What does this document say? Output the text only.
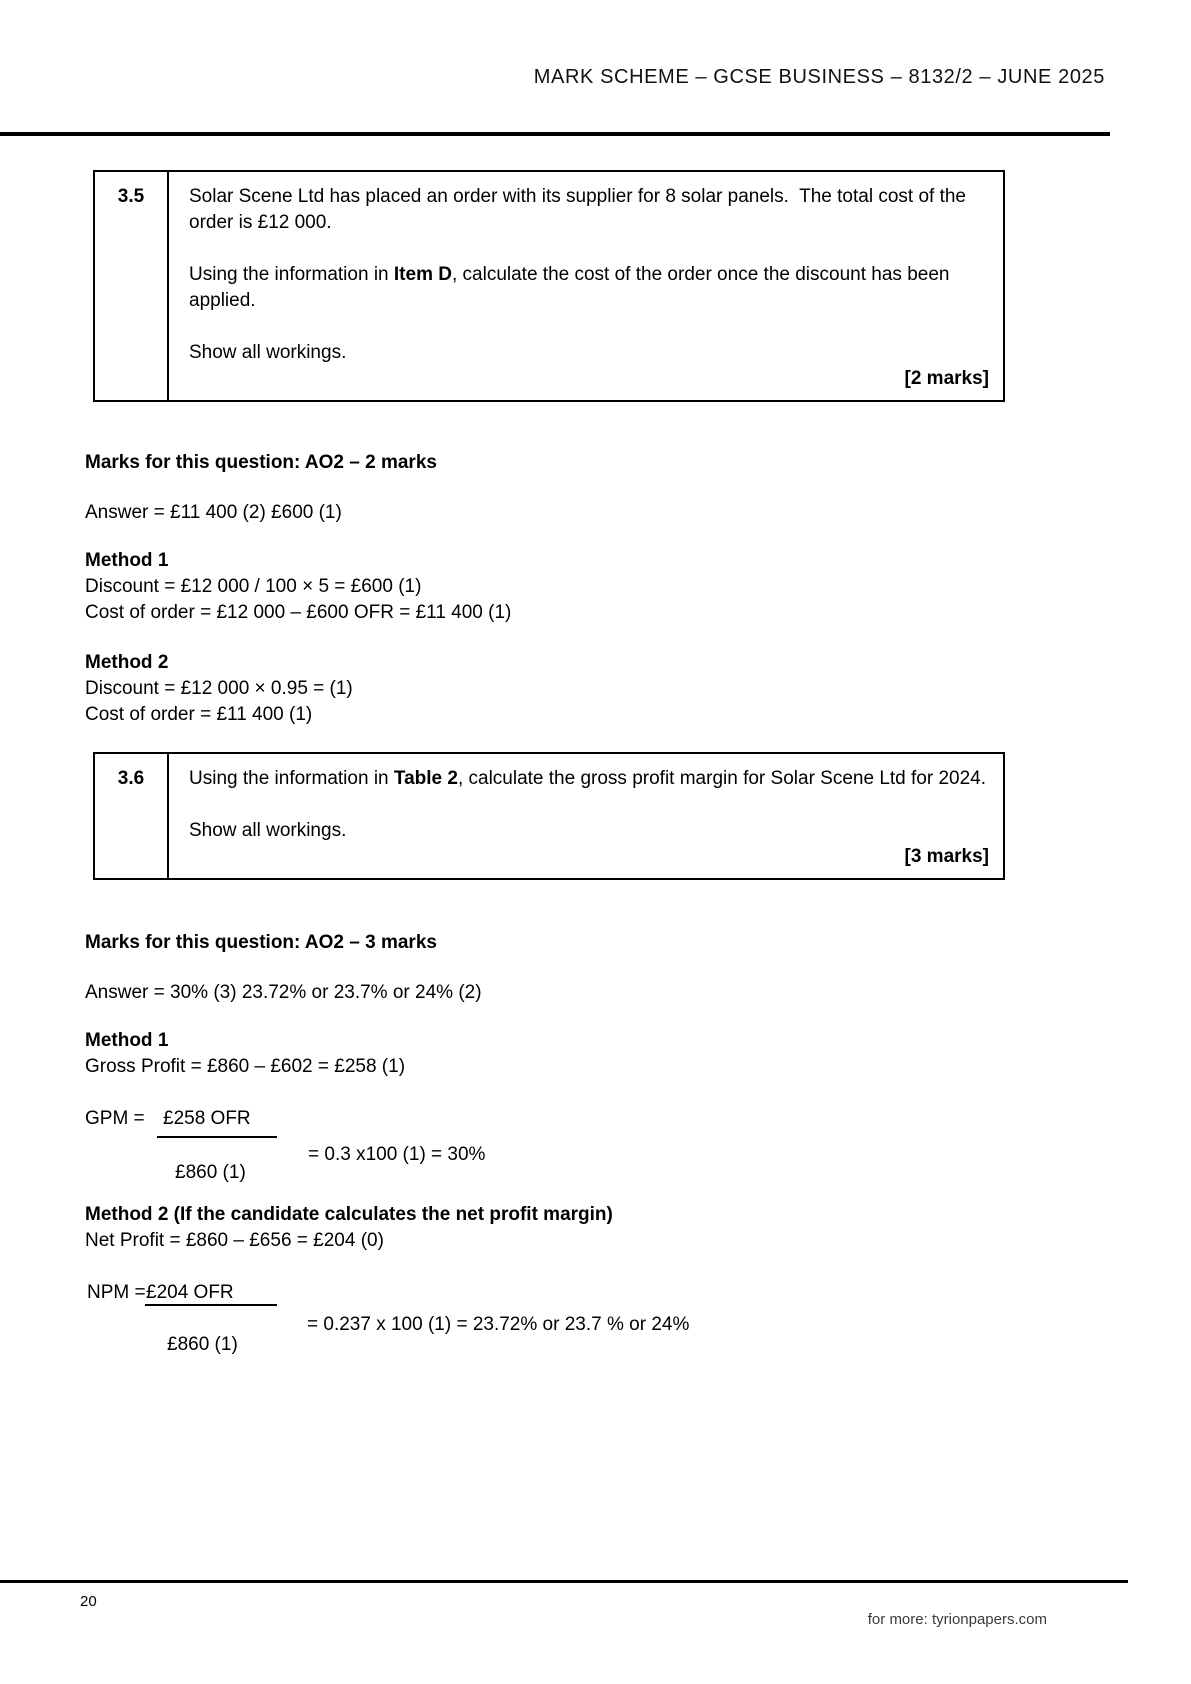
MARK SCHEME – GCSE BUSINESS – 8132/2 – JUNE 2025
3.5	Solar Scene Ltd has placed an order with its supplier for 8 solar panels.  The total cost of the order is £12 000.

Using the information in Item D, calculate the cost of the order once the discount has been applied.

Show all workings.

[2 marks]
Marks for this question: AO2 – 2 marks
Answer = £11 400 (2) £600 (1)
Method 1
Discount = £12 000 / 100 × 5 = £600 (1)
Cost of order = £12 000 – £600 OFR = £11 400 (1)
Method 2
Discount = £12 000 × 0.95 = (1)
Cost of order = £11 400 (1)
3.6	Using the information in Table 2, calculate the gross profit margin for Solar Scene Ltd for 2024.

Show all workings.

[3 marks]
Marks for this question: AO2 – 3 marks
Answer = 30% (3) 23.72% or 23.7% or 24% (2)
Method 1
Gross Profit = £860 – £602 = £258 (1)
GPM = £258 OFR
= 0.3 x100 (1) = 30%
£860 (1)
Method 2 (If the candidate calculates the net profit margin)
Net Profit = £860 – £656 = £204 (0)
NPM = £204 OFR
= 0.237 x 100 (1) = 23.72% or 23.7 % or 24%
£860 (1)
20
for more: tyrionpapers.com
